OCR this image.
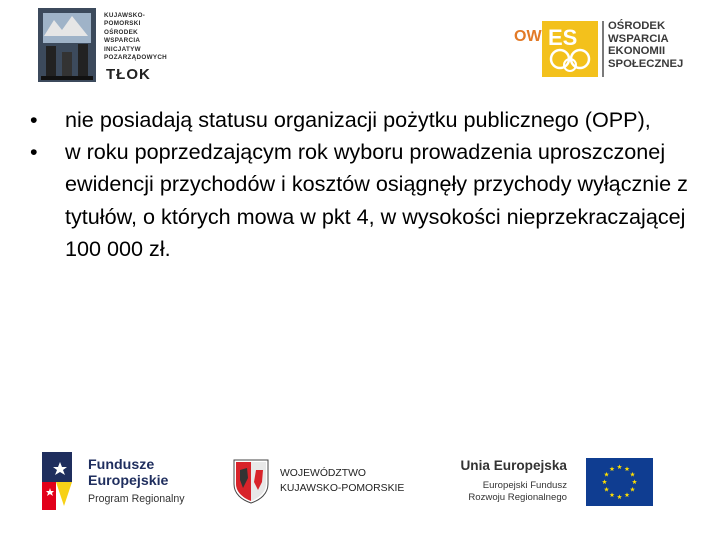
KUJAWSKO-
POMORSKI
OŚRODEK
WSPARCIA
INICJATYW
POZARZĄDOWYCH
TŁOK
OW ES	OŚRODEK
WSPARCIA
EKONOMII
SPOŁECZNEJ
• nie posiadają statusu organizacji pożytku publicznego (OPP),
• w roku poprzedzającym rok wyboru prowadzenia uproszczonej ewidencji przychodów i kosztów osiągnęły przychody wyłącznie z tytułów, o których mowa w pkt 4, w wysokości nieprzekraczającej 100 000 zł.
Fundusze
Europejskie
Program Regionalny
WOJEWÓDZTWO
KUJAWSKO-POMORSKIE
Unia Europejska
Europejski Fundusz
Rozwoju Regionalnego
